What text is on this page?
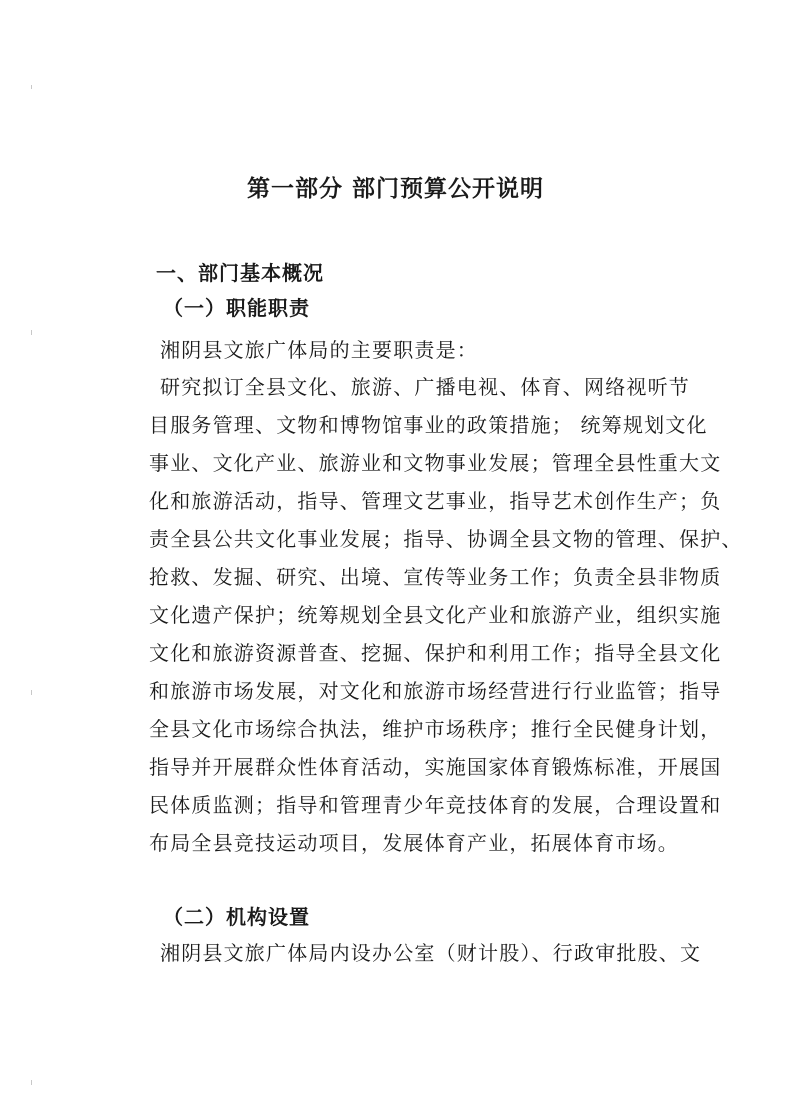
第一部分 部门预算公开说明
一、部门基本概况
（一）职能职责
湘阴县文旅广体局的主要职责是：
研究拟订全县文化、旅游、广播电视、体育、网络视听节
目服务管理、文物和博物馆事业的政策措施； 统筹规划文化
事业、文化产业、旅游业和文物事业发展；管理全县性重大文
化和旅游活动，指导、管理文艺事业，指导艺术创作生产；负
责全县公共文化事业发展；指导、协调全县文物的管理、保护、
抢救、发掘、研究、出境、宣传等业务工作；负责全县非物质
文化遗产保护；统筹规划全县文化产业和旅游产业，组织实施
文化和旅游资源普查、挖掘、保护和利用工作；指导全县文化
和旅游市场发展，对文化和旅游市场经营进行行业监管；指导
全县文化市场综合执法，维护市场秩序；推行全民健身计划，
指导并开展群众性体育活动，实施国家体育锻炼标准，开展国
民体质监测；指导和管理青少年竞技体育的发展，合理设置和
布局全县竞技运动项目，发展体育产业，拓展体育市场。
（二）机构设置
湘阴县文旅广体局内设办公室（财计股）、行政审批股、文
